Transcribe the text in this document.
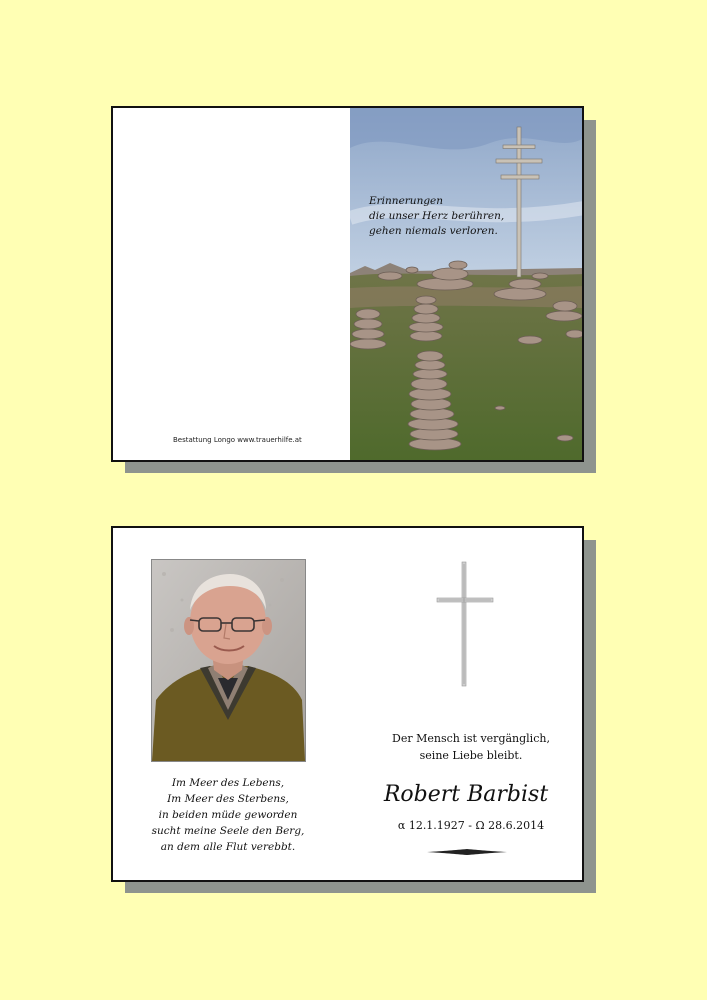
Erinnerungen
die unser Herz berühren,
gehen niemals verloren.
Bestattung Longo www.trauerhilfe.at
Im Meer des Lebens,
Im Meer des Sterbens,
in beiden müde geworden
sucht meine Seele den Berg,
an dem alle Flut verebbt.
Der Mensch ist vergänglich,
seine Liebe bleibt.
Robert Barbist
α 12.1.1927 - Ω 28.6.2014
